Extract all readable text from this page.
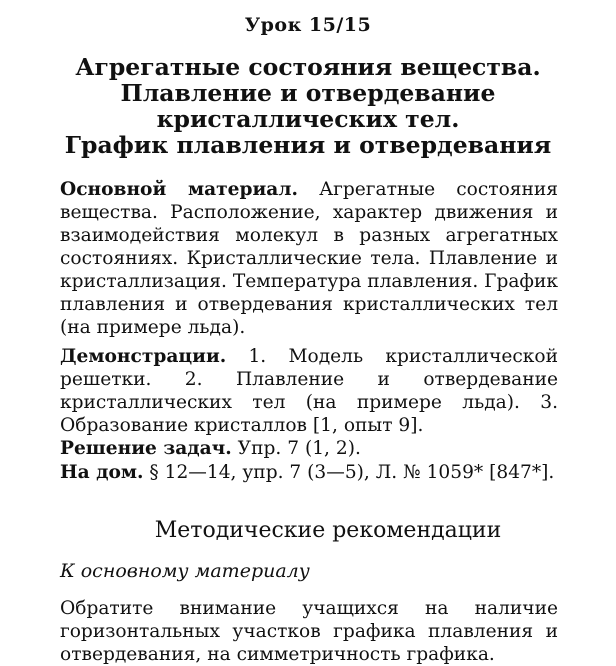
Урок 15/15
Агрегатные состояния вещества.
Плавление и отвердевание
кристаллических тел.
График плавления и отвердевания
Основной материал. Агрегатные состояния вещества. Расположение, характер движения и взаимодействия молекул в разных агрегатных состояниях. Кристаллические тела. Плавление и кристаллизация. Температура плавления. График плавления и отвердевания кристаллических тел (на примере льда).
Демонстрации. 1. Модель кристаллической решетки. 2. Плавление и отвердевание кристаллических тел (на примере льда). 3. Образование кристаллов [1, опыт 9].
Решение задач. Упр. 7 (1, 2).
На дом. § 12—14, упр. 7 (3—5), Л. № 1059* [847*].
Методические рекомендации
К основному материалу
Обратите внимание учащихся на наличие горизонтальных участков графика плавления и отвердевания, на симметричность графика.
